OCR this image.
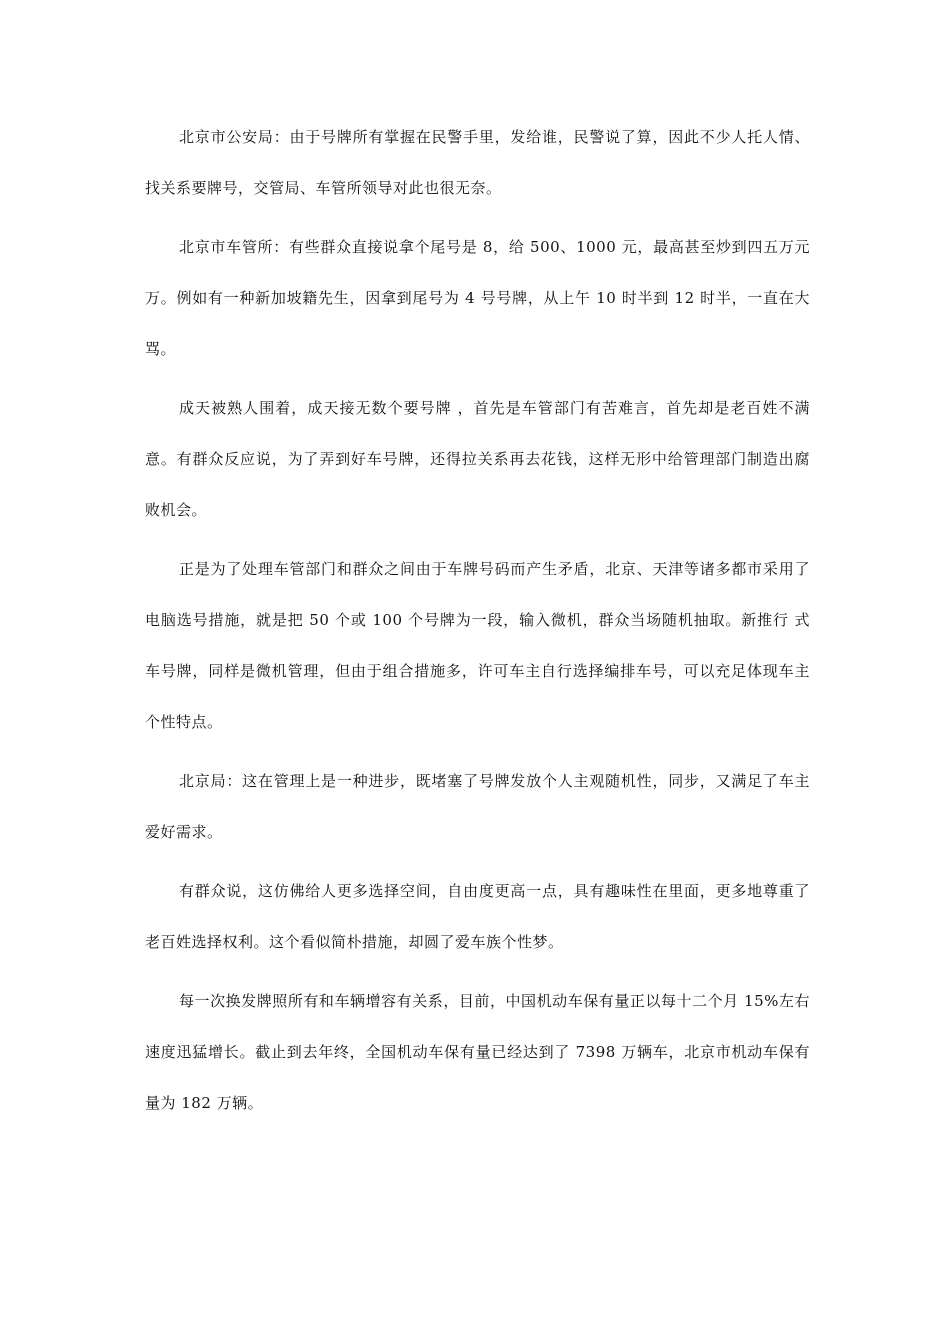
北京市公安局：由于号牌所有掌握在民警手里，发给谁，民警说了算，因此不少人托人情、找关系要牌号，交管局、车管所领导对此也很无奈。

北京市车管所：有些群众直接说拿个尾号是 8，给 500、1000 元，最高甚至炒到四五万元万。例如有一种新加坡籍先生，因拿到尾号为 4 号号牌，从上午 10 时半到 12 时半，一直在大骂。

成天被熟人围着，成天接无数个要号牌 ，首先是车管部门有苦难言，首先却是老百姓不满意。有群众反应说，为了弄到好车号牌，还得拉关系再去花钱，这样无形中给管理部门制造出腐败机会。

正是为了处理车管部门和群众之间由于车牌号码而产生矛盾，北京、天津等诸多都市采用了电脑选号措施，就是把 50 个或 100 个号牌为一段，输入微机，群众当场随机抽取。新推行 式车号牌，同样是微机管理，但由于组合措施多，许可车主自行选择编排车号，可以充足体现车主个性特点。

北京局：这在管理上是一种进步，既堵塞了号牌发放个人主观随机性，同步，又满足了车主爱好需求。

有群众说，这仿佛给人更多选择空间，自由度更高一点，具有趣味性在里面，更多地尊重了老百姓选择权利。这个看似简朴措施，却圆了爱车族个性梦。

每一次换发牌照所有和车辆增容有关系，目前，中国机动车保有量正以每十二个月 15%左右速度迅猛增长。截止到去年终，全国机动车保有量已经达到了 7398 万辆车，北京市机动车保有量为 182 万辆。
